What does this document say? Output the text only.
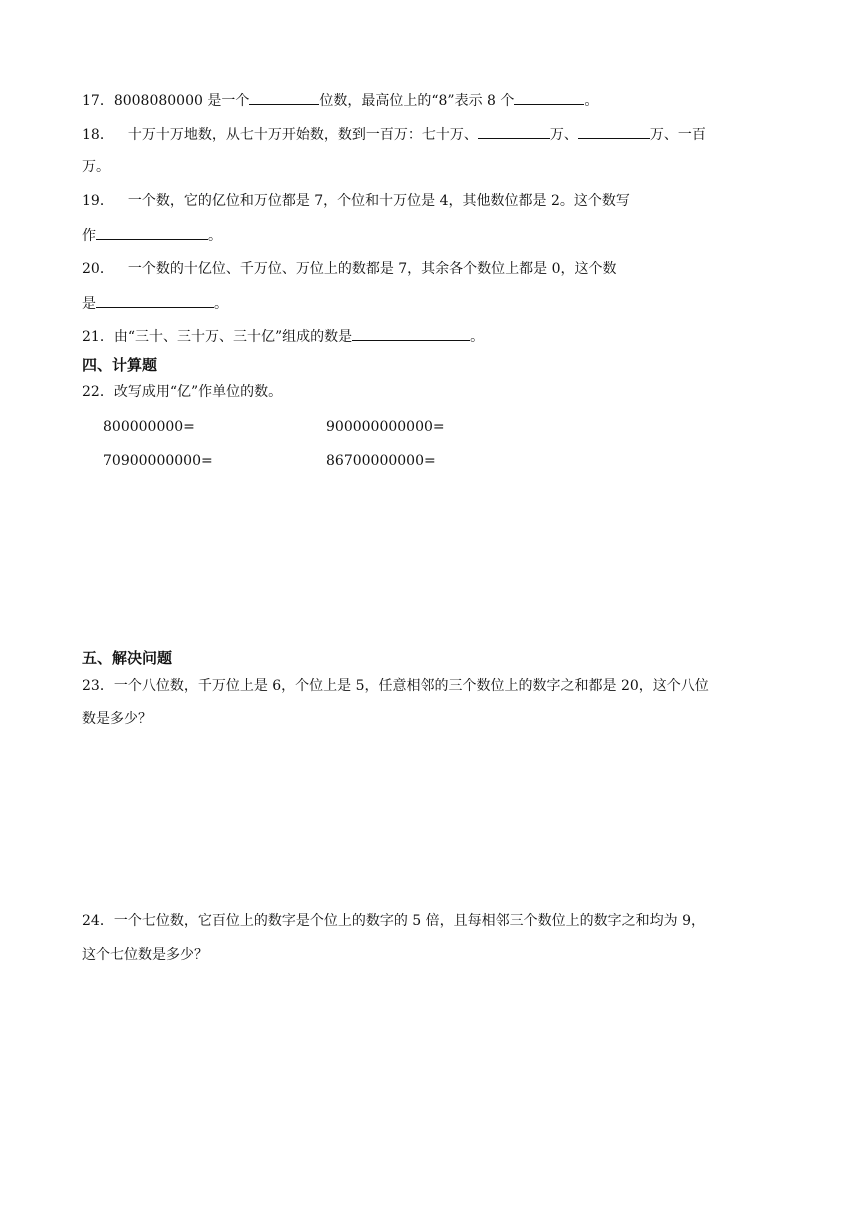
17．8008080000 是一个	位数，最高位上的“8”表示 8 个	。
18． 十万十万地数，从七十万开始数，数到一百万：七十万、	万、	万、一百
万。
19． 一个数，它的亿位和万位都是 7，个位和十万位是 4，其他数位都是 2。这个数写
作	。
20． 一个数的十亿位、千万位、万位上的数都是 7，其余各个数位上都是 0，这个数
是	。
21．由“三十、三十万、三十亿”组成的数是	。
四、计算题
22．改写成用“亿”作单位的数。
800000000=	900000000000=
70900000000=	86700000000=
五、解决问题
23．一个八位数，千万位上是 6，个位上是 5，任意相邻的三个数位上的数字之和都是 20，这个八位
数是多少？
24．一个七位数，它百位上的数字是个位上的数字的 5 倍，且每相邻三个数位上的数字之和均为 9，
这个七位数是多少？
